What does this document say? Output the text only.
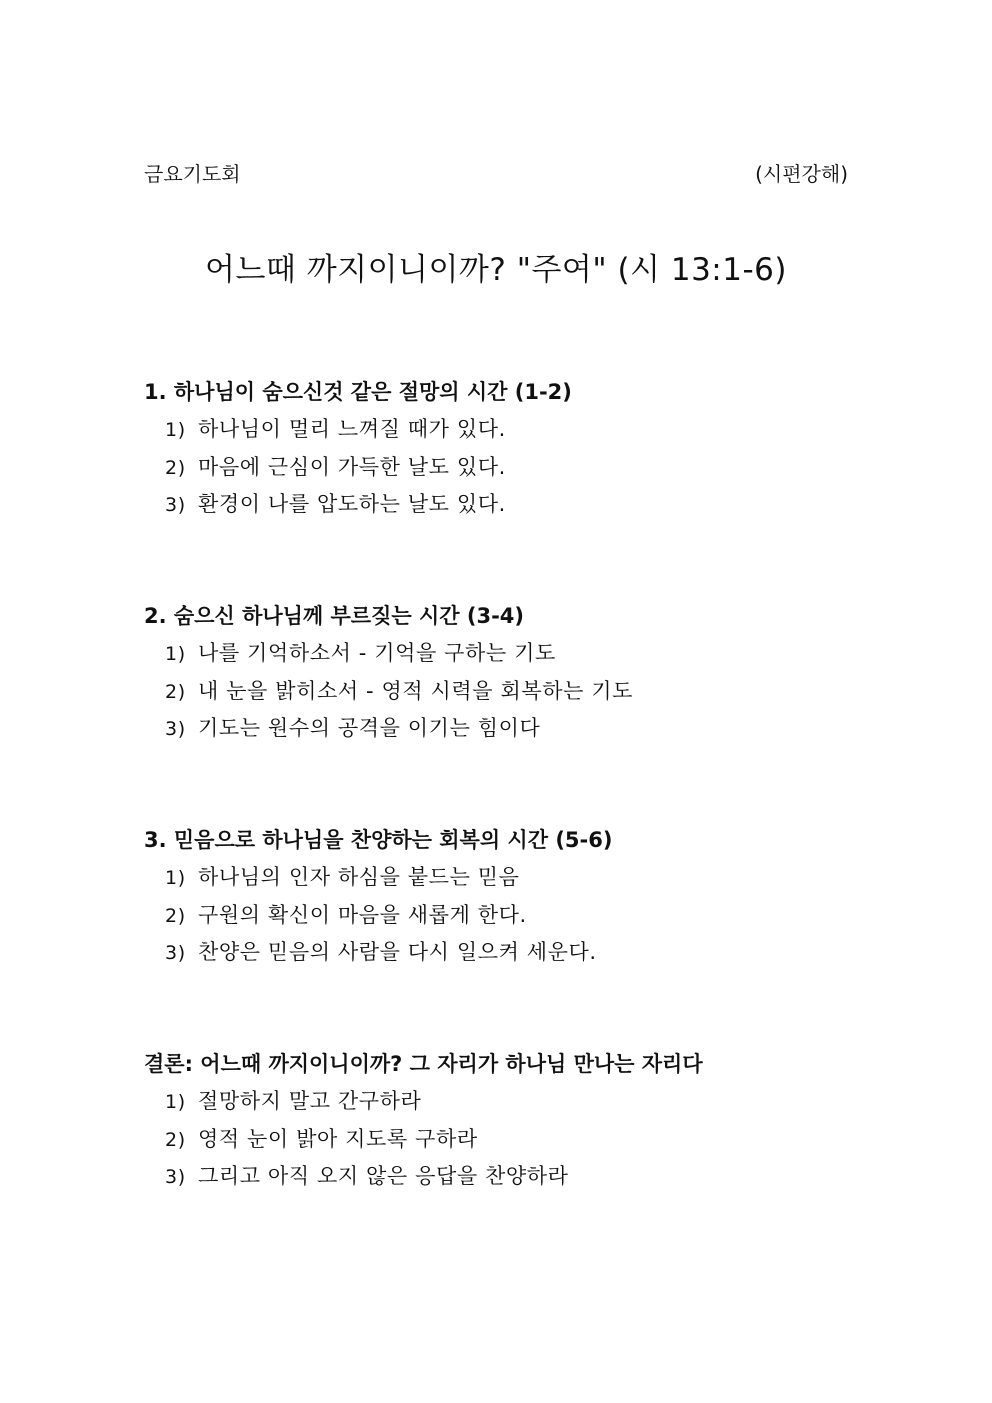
금요기도회	(시편강해)
어느때 까지이니이까? "주여" (시 13:1-6)
1. 하나님이 숨으신것 같은 절망의 시간 (1-2)
1) 하나님이 멀리 느껴질 때가 있다.
2) 마음에 근심이 가득한 날도 있다.
3) 환경이 나를 압도하는 날도 있다.
2. 숨으신 하나님께 부르짖는 시간 (3-4)
1) 나를 기억하소서 - 기억을 구하는 기도
2) 내 눈을 밝히소서 - 영적 시력을 회복하는 기도
3) 기도는 원수의 공격을 이기는 힘이다
3. 믿음으로 하나님을 찬양하는 회복의 시간 (5-6)
1) 하나님의 인자 하심을 붙드는 믿음
2) 구원의 확신이 마음을 새롭게 한다.
3) 찬양은 믿음의 사람을 다시 일으켜 세운다.
결론: 어느때 까지이니이까? 그 자리가 하나님 만나는 자리다
1) 절망하지 말고 간구하라
2) 영적 눈이 밝아 지도록 구하라
3) 그리고 아직 오지 않은 응답을 찬양하라
